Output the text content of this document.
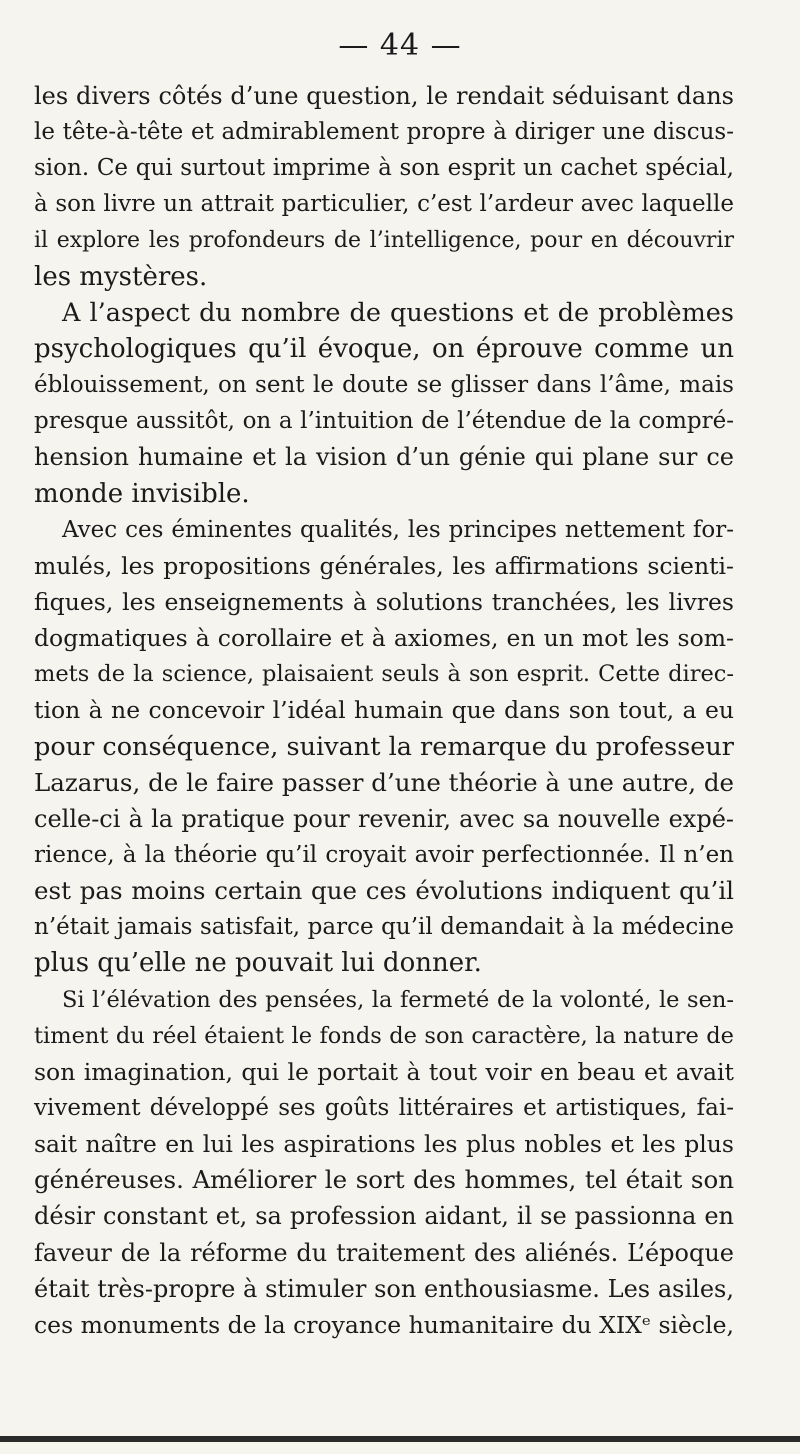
— 44 —
les divers côtés d’une question, le rendait séduisant dans
le tête-à-tête et admirablement propre à diriger une discus-
sion. Ce qui surtout imprime à son esprit un cachet spécial,
à son livre un attrait particulier, c’est l’ardeur avec laquelle
il explore les profondeurs de l’intelligence, pour en découvrir
les mystères.
A l’aspect du nombre de questions et de problèmes
psychologiques qu’il évoque, on éprouve comme un
éblouissement, on sent le doute se glisser dans l’âme, mais
presque aussitôt, on a l’intuition de l’étendue de la compré-
hension humaine et la vision d’un génie qui plane sur ce
monde invisible.
Avec ces éminentes qualités, les principes nettement for-
mulés, les propositions générales, les affirmations scienti-
fiques, les enseignements à solutions tranchées, les livres
dogmatiques à corollaire et à axiomes, en un mot les som-
mets de la science, plaisaient seuls à son esprit. Cette direc-
tion à ne concevoir l’idéal humain que dans son tout, a eu
pour conséquence, suivant la remarque du professeur
Lazarus, de le faire passer d’une théorie à une autre, de
celle-ci à la pratique pour revenir, avec sa nouvelle expé-
rience, à la théorie qu’il croyait avoir perfectionnée. Il n’en
est pas moins certain que ces évolutions indiquent qu’il
n’était jamais satisfait, parce qu’il demandait à la médecine
plus qu’elle ne pouvait lui donner.
Si l’élévation des pensées, la fermeté de la volonté, le sen-
timent du réel étaient le fonds de son caractère, la nature de
son imagination, qui le portait à tout voir en beau et avait
vivement développé ses goûts littéraires et artistiques, fai-
sait naître en lui les aspirations les plus nobles et les plus
généreuses. Améliorer le sort des hommes, tel était son
désir constant et, sa profession aidant, il se passionna en
faveur de la réforme du traitement des aliénés. L’époque
était très-propre à stimuler son enthousiasme. Les asiles,
ces monuments de la croyance humanitaire du XIXᵉ siècle,
